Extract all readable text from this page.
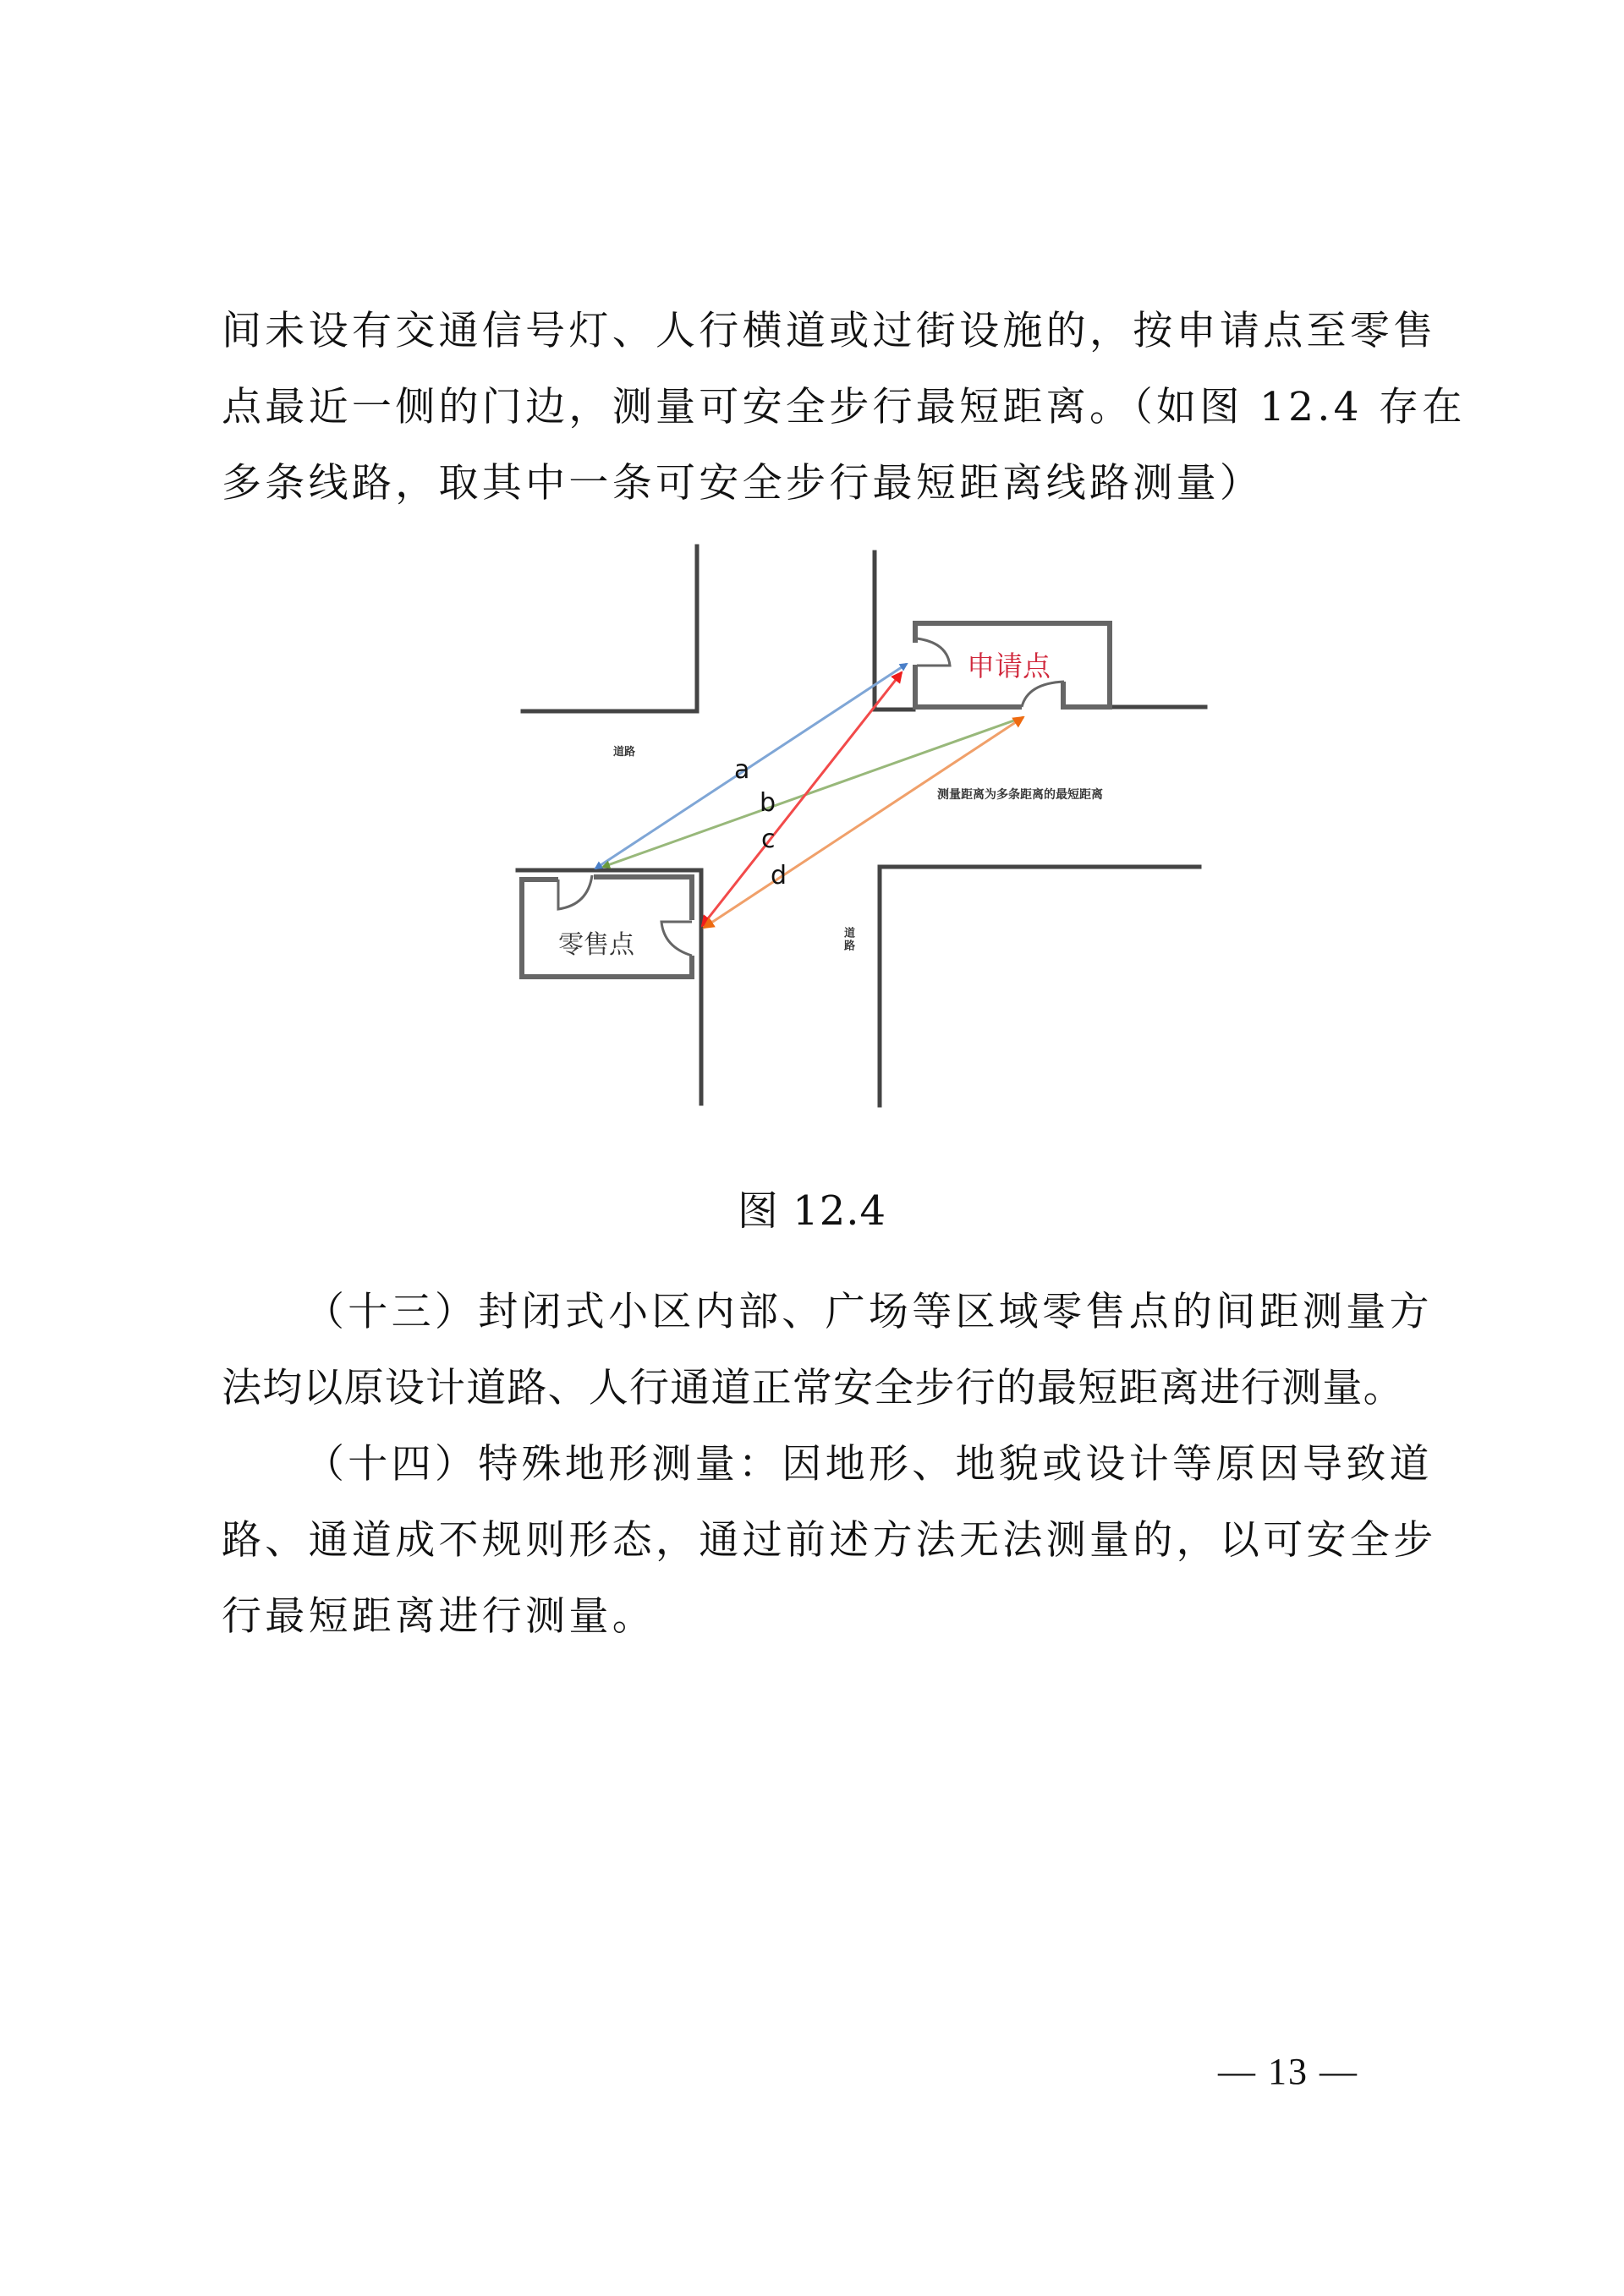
间未设有交通信号灯、人行横道或过街设施的，按申请点至零售
点最近一侧的门边，测量可安全步行最短距离。（如图 12.4 存在
多条线路，取其中一条可安全步行最短距离线路测量）
申请点
零售点
道路
道路
测量距离为多条距离的最短距离
a
b
c
d
图 12.4
（十三）封闭式小区内部、广场等区域零售点的间距测量方
法均以原设计道路、人行通道正常安全步行的最短距离进行测量。
（十四）特殊地形测量：因地形、地貌或设计等原因导致道
路、通道成不规则形态，通过前述方法无法测量的，以可安全步
行最短距离进行测量。
— 13 —
